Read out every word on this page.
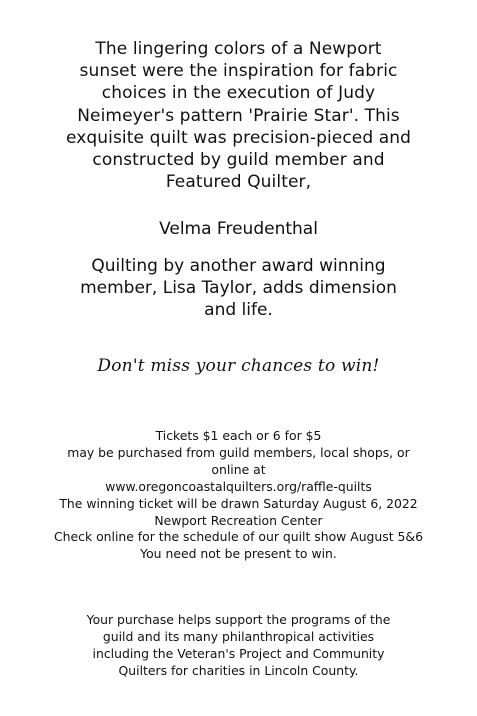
The lingering colors of a Newport
sunset were the inspiration for fabric
choices in the execution of Judy
Neimeyer's pattern 'Prairie Star'. This
exquisite quilt was precision-pieced and
constructed by guild member and
Featured Quilter,
Velma Freudenthal
Quilting by another award winning
member, Lisa Taylor, adds dimension
and life.
Don't miss your chances to win!
Tickets $1 each or 6 for $5
may be purchased from guild members, local shops, or
online at
www.oregoncoastalquilters.org/raffle-quilts
The winning ticket will be drawn Saturday August 6, 2022
Newport Recreation Center
Check online for the schedule of our quilt show August 5&6
You need not be present to win.
Your purchase helps support the programs of the
guild and its many philanthropical activities
including the Veteran's Project and Community
Quilters for charities in Lincoln County.
